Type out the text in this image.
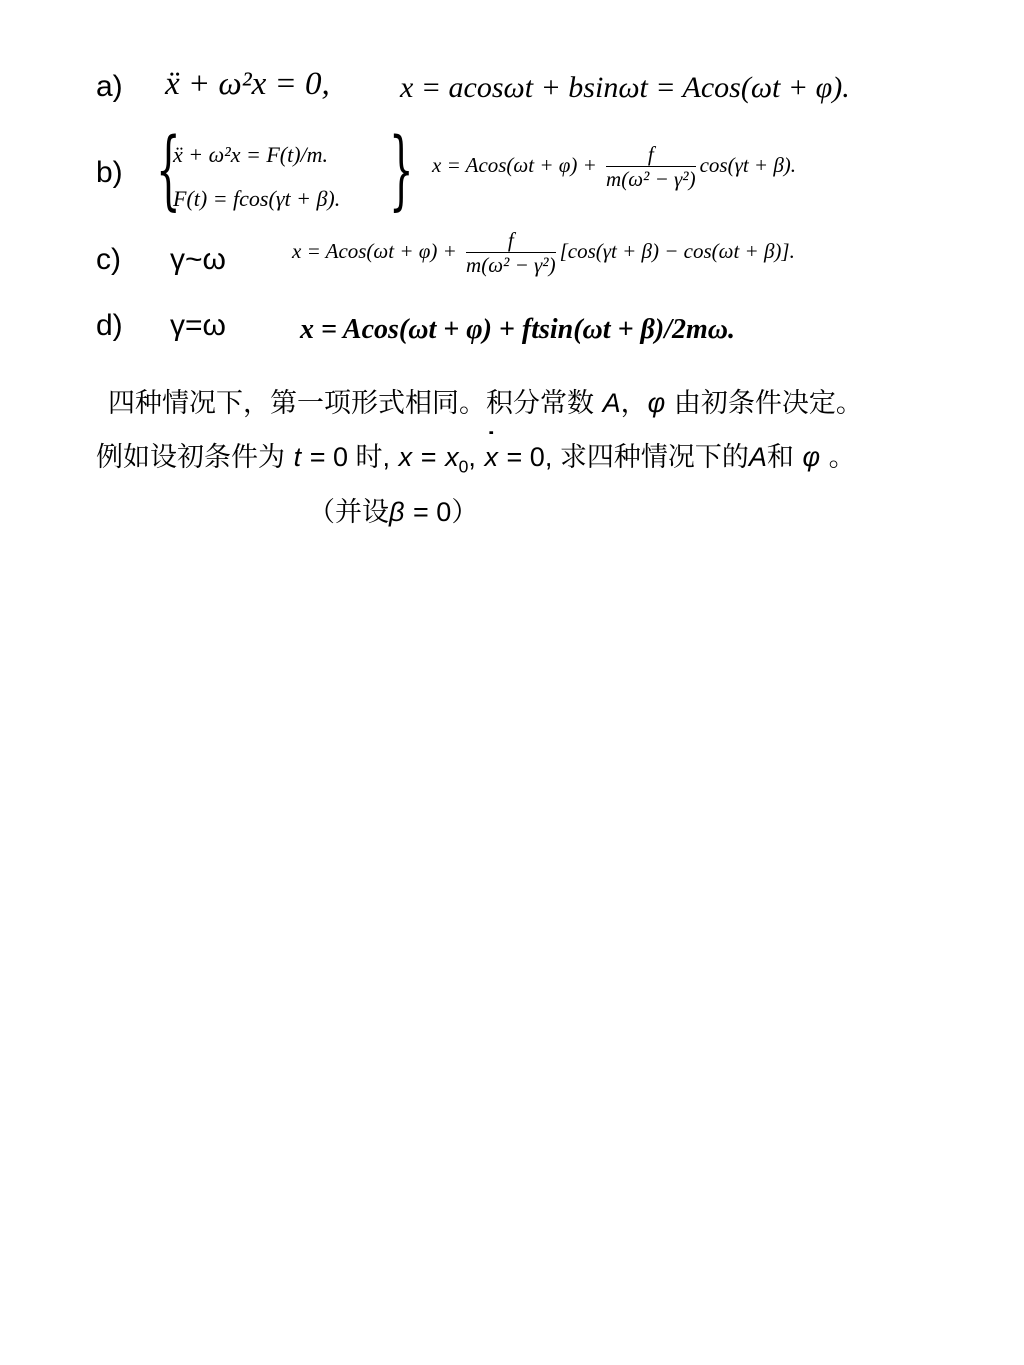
a) ẍ + ω²x = 0, x = acosωt + bsinωt = Acos(ωt + φ).
b) { }
ẍ + ω²x = F(t)/m.
F(t) = fcos(γt + β).
$x = Acos(\omega t + \varphi) + \frac{f}{\text{m(ω² − γ²)}} \cos(\gamma t + \beta)$.
c) γ~ω	$x = Acos(\omega t + \varphi) + \frac{f}{\text{m(ω² − γ²)}} [\cos(\gamma t + \beta) - \cos(\omega t + \beta)]$.
d) γ=ω	x = Acos(ωt + φ) + ftsin(ωt + β)/2mω.
四种情况下，第一项形式相同。积分常数 A，φ 由初条件决定。
例如设初条件为 t = 0 时, $x = x_0$, ˙ x = 0, 求四种情况下的A和 φ 。
（并设β = 0）
